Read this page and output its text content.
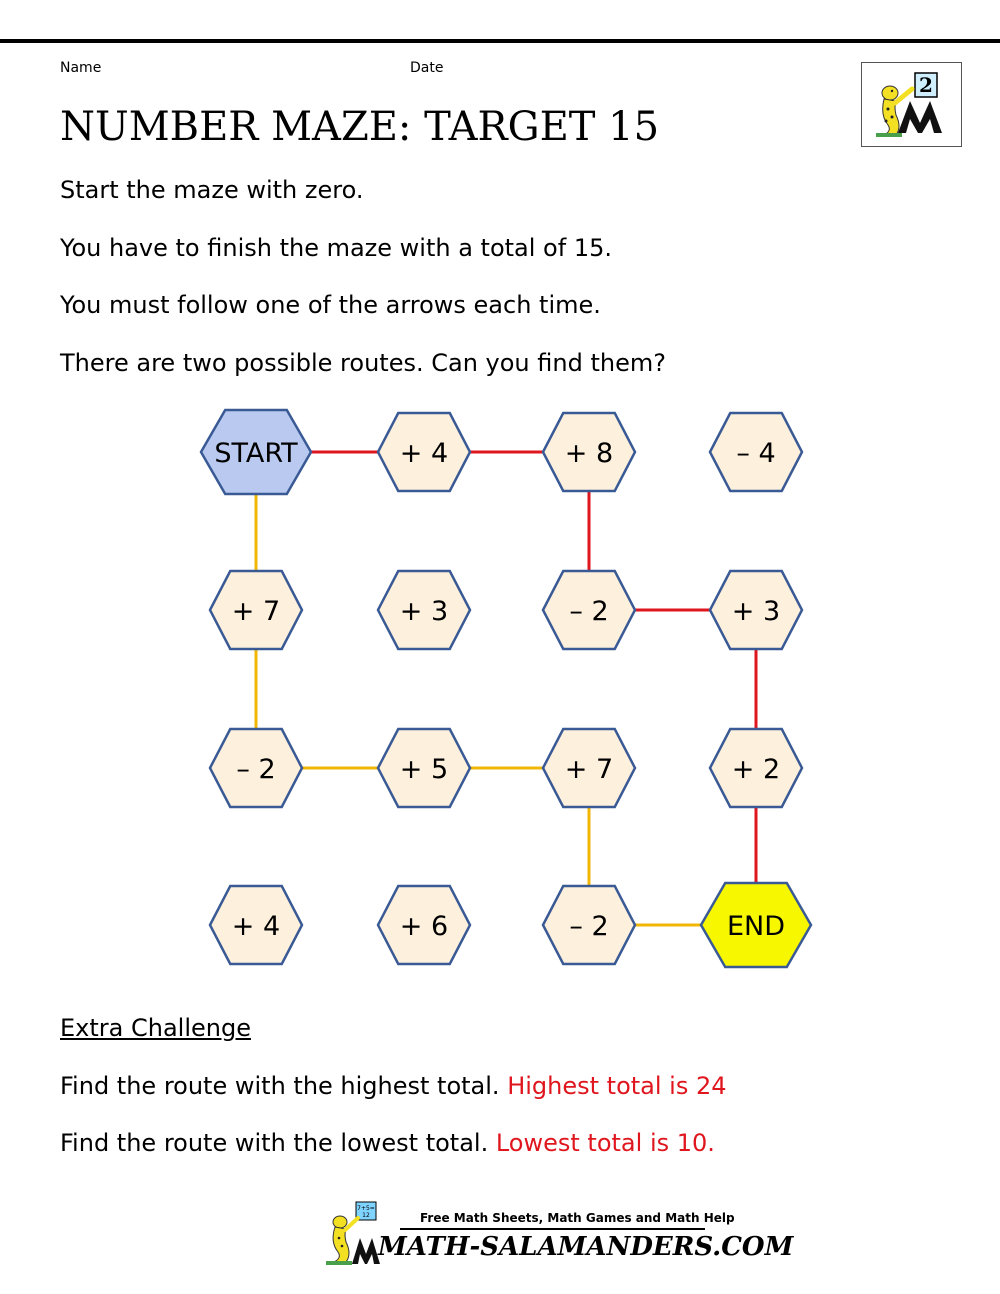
Name	Date
NUMBER MAZE: TARGET 15
2
Start the maze with zero.
You have to finish the maze with a total of 15.
You must follow one of the arrows each time.
There are two possible routes. Can you find them?
START	+ 4	+ 8	– 4
+ 7	+ 3	– 2	+ 3
– 2	+ 5	+ 7	+ 2
+ 4	+ 6	– 2	END
Extra Challenge
Find the route with the highest total. Highest total is 24
Find the route with the lowest total. Lowest total is 10.
7+5=
12	Free Math Sheets, Math Games and Math Help
MATH-SALAMANDERS.COM
